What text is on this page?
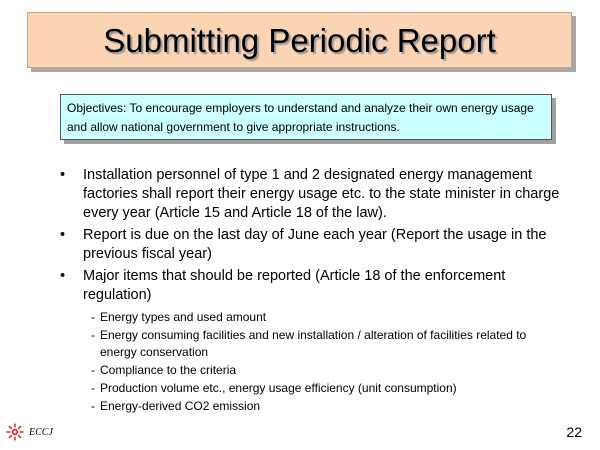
Submitting Periodic Report
Objectives: To encourage employers to understand and analyze their own energy usage and allow national government to give appropriate instructions.
• Installation personnel of type 1 and 2 designated energy management factories shall report their energy usage etc. to the state minister in charge every year (Article 15 and Article 18 of the law).
• Report is due on the last day of June each year (Report the usage in the previous fiscal year)
• Major items that should be reported (Article 18 of the enforcement regulation)
- Energy types and used amount
- Energy consuming facilities and new installation / alteration of facilities related to energy conservation
- Compliance to the criteria
- Production volume etc., energy usage efficiency (unit consumption)
- Energy-derived CO2 emission
ECCJ	22
